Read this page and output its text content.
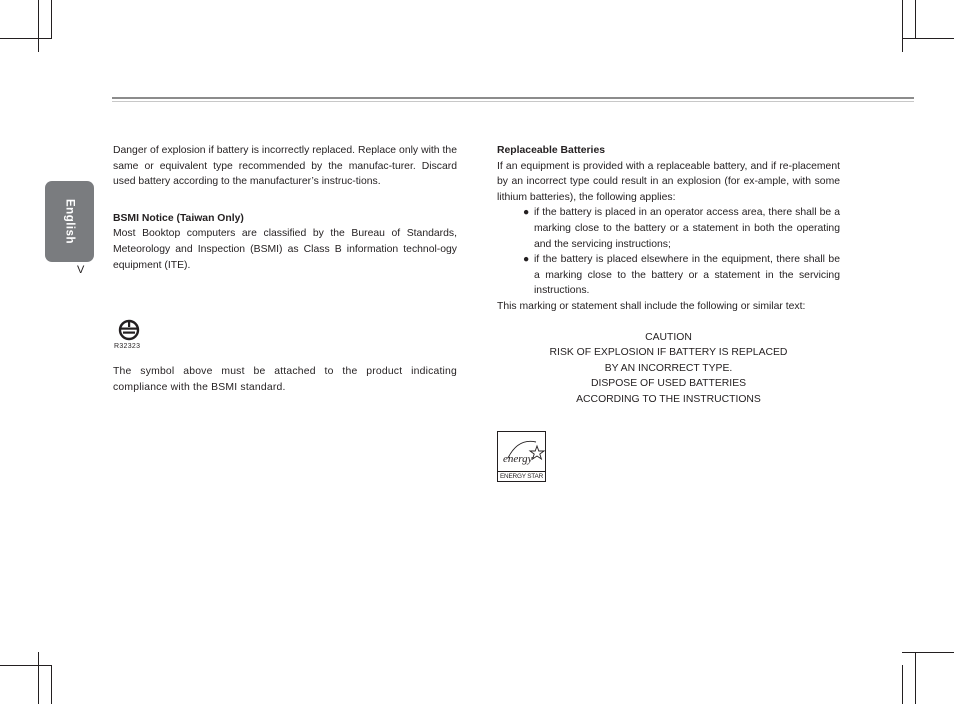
English
V

Danger of explosion if battery is incorrectly replaced. Replace only with the same or equivalent type recommended by the manufac-turer. Discard used battery according to the manufacturer’s instruc-tions.

BSMI Notice (Taiwan Only)

Most Booktop computers are classified by the Bureau of Standards, Meteorology and Inspection (BSMI) as Class B information technol-ogy equipment (ITE).

R32323

The symbol above must be attached to the product indicating compliance with the BSMI standard.

Replaceable Batteries

If an equipment is provided with a replaceable battery, and if re-placement by an incorrect type could result in an explosion (for ex-ample, with some lithium batteries), the following applies:

● if the battery is placed in an operator access area, there shall be a marking close to the battery or a statement in both the operating and the servicing instructions;
● if the battery is placed elsewhere in the equipment, there shall be a marking close to the battery or a statement in the servicing instructions.

This marking or statement shall include the following or similar text:

CAUTION

RISK OF EXPLOSION IF BATTERY IS REPLACED

BY AN INCORRECT TYPE.

DISPOSE OF USED BATTERIES

ACCORDING TO THE INSTRUCTIONS

energy
ENERGY STAR
